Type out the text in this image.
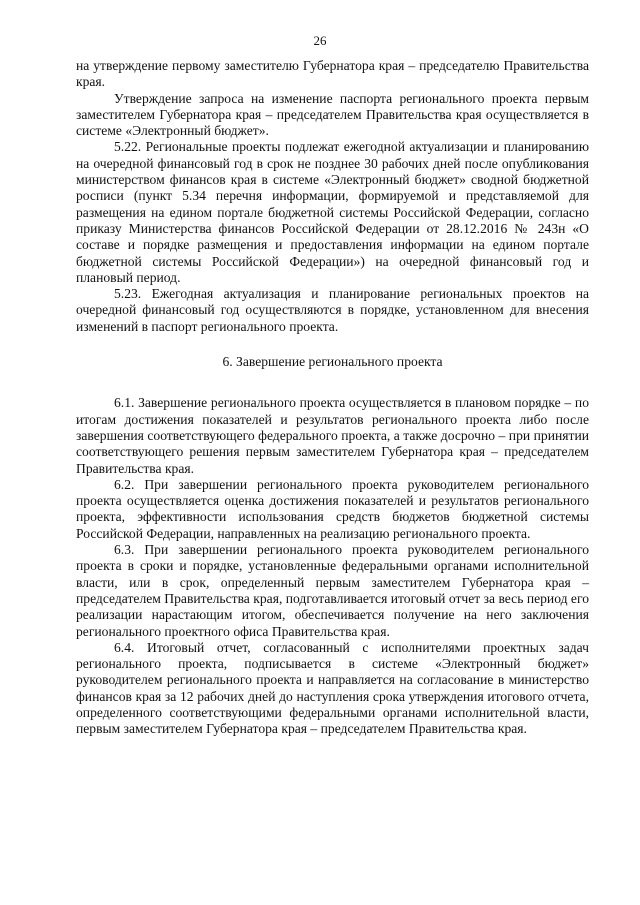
26

на утверждение первому заместителю Губернатора края – председателю Правительства края.

Утверждение запроса на изменение паспорта регионального проекта первым заместителем Губернатора края – председателем Правительства края осуществляется в системе «Электронный бюджет».

5.22. Региональные проекты подлежат ежегодной актуализации и планированию на очередной финансовый год в срок не позднее 30 рабочих дней после опубликования министерством финансов края в системе «Электронный бюджет» сводной бюджетной росписи (пункт 5.34 перечня информации, формируемой и представляемой для размещения на едином портале бюджетной системы Российской Федерации, согласно приказу Министерства финансов Российской Федерации от 28.12.2016 № 243н «О составе и порядке размещения и предоставления информации на едином портале бюджетной системы Российской Федерации») на очередной финансовый год и плановый период.

5.23. Ежегодная актуализация и планирование региональных проектов на очередной финансовый год осуществляются в порядке, установленном для внесения изменений в паспорт регионального проекта.

6. Завершение регионального проекта

6.1. Завершение регионального проекта осуществляется в плановом порядке – по итогам достижения показателей и результатов регионального проекта либо после завершения соответствующего федерального проекта, а также досрочно – при принятии соответствующего решения первым заместителем Губернатора края – председателем Правительства края.

6.2. При завершении регионального проекта руководителем регионального проекта осуществляется оценка достижения показателей и результатов регионального проекта, эффективности использования средств бюджетов бюджетной системы Российской Федерации, направленных на реализацию регионального проекта.

6.3. При завершении регионального проекта руководителем регионального проекта в сроки и порядке, установленные федеральными органами исполнительной власти, или в срок, определенный первым заместителем Губернатора края – председателем Правительства края, подготавливается итоговый отчет за весь период его реализации нарастающим итогом, обеспечивается получение на него заключения регионального проектного офиса Правительства края.

6.4. Итоговый отчет, согласованный с исполнителями проектных задач регионального проекта, подписывается в системе «Электронный бюджет» руководителем регионального проекта и направляется на согласование в министерство финансов края за 12 рабочих дней до наступления срока утверждения итогового отчета, определенного соответствующими федеральными органами исполнительной власти, первым заместителем Губернатора края – председателем Правительства края.
